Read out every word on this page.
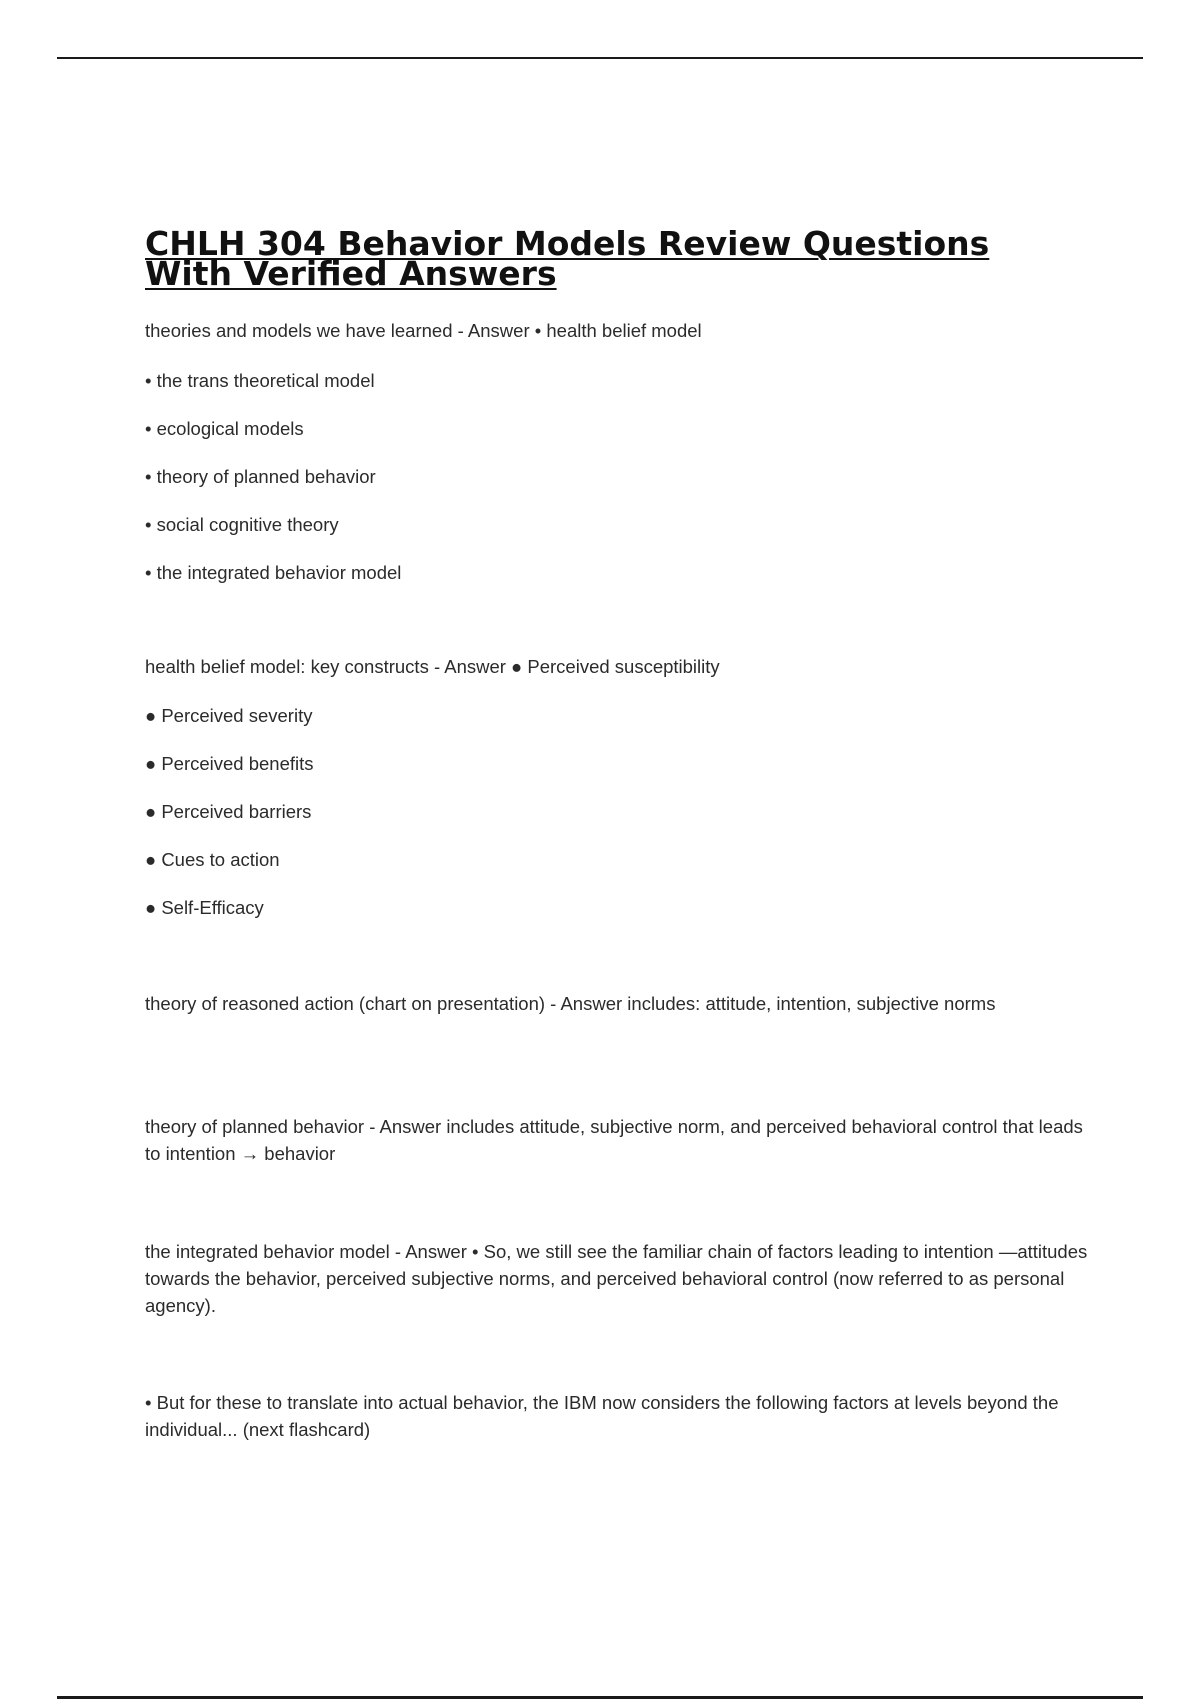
CHLH 304 Behavior Models Review Questions With Verified Answers

theories and models we have learned - Answer • health belief model

• the trans theoretical model

• ecological models

• theory of planned behavior

• social cognitive theory

• the integrated behavior model

health belief model: key constructs - Answer ● Perceived susceptibility

● Perceived severity

● Perceived benefits

● Perceived barriers

● Cues to action

● Self-Efficacy

theory of reasoned action (chart on presentation) - Answer includes: attitude, intention, subjective norms

theory of planned behavior - Answer includes attitude, subjective norm, and perceived behavioral control that leads to intention → behavior

the integrated behavior model - Answer • So, we still see the familiar chain of factors leading to intention —attitudes towards the behavior, perceived subjective norms, and perceived behavioral control (now referred to as personal agency).

• But for these to translate into actual behavior, the IBM now considers the following factors at levels beyond the individual... (next flashcard)
